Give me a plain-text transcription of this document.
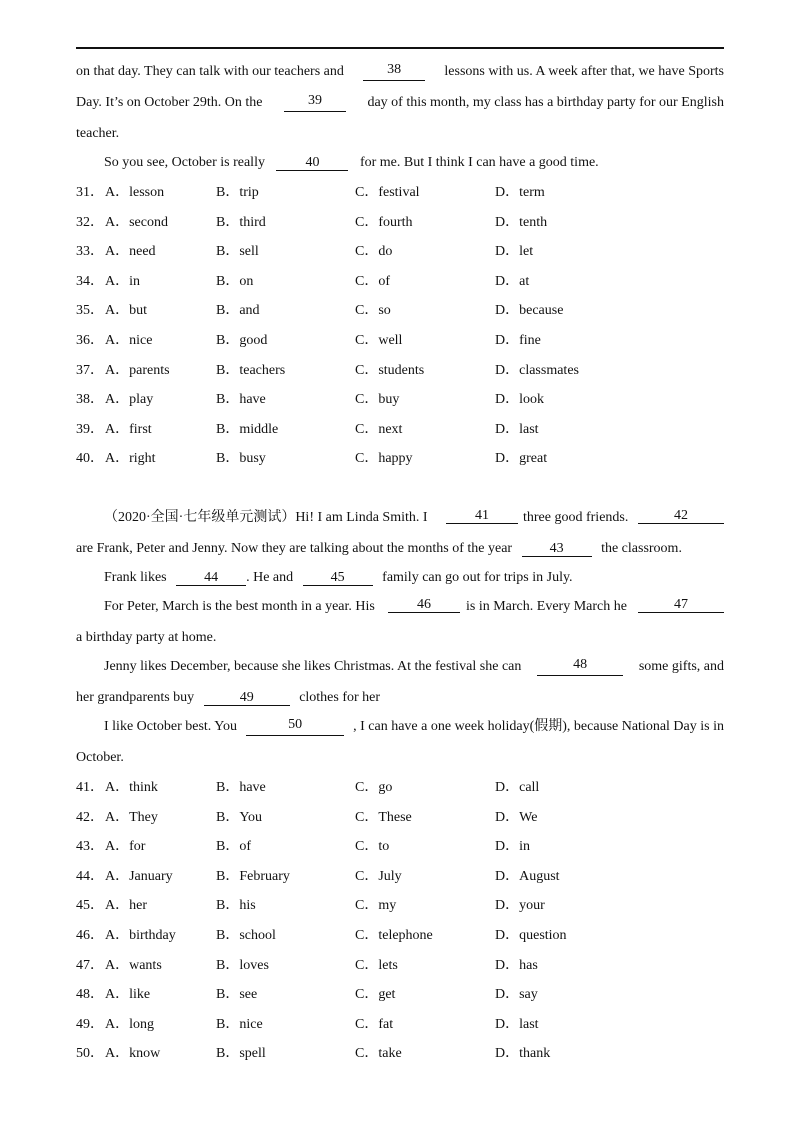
on that day. They can talk with our teachers and	38	lessons with us. A week after that, we have Sports
Day. It’s on October 29th. On the	39	day of this month, my class has a birthday party for our English
teacher.
So you see, October is really	40	for me. But I think I can have a good time.
31． A．lesson	B．trip	C．festival	D．term
32． A．second	B．third	C．fourth	D．tenth
33． A．need	B．sell	C．do	D．let
34． A．in	B．on	C．of	D．at
35． A．but	B．and	C．so	D．because
36． A．nice	B．good	C．well	D．fine
37． A．parents	B．teachers	C．students	D．classmates
38． A．play	B．have	C．buy	D．look
39． A．first	B．middle	C．next	D．last
40． A．right	B．busy	C．happy	D．great
（2020·全国·七年级单元测试）Hi! I am Linda Smith. I	41	three good friends.	42
are Frank, Peter and Jenny. Now they are talking about the months of the year	43	the classroom.
Frank likes	44 . He and	45	family can go out for trips in July.
For Peter, March is the best month in a year. His	46	is in March. Every March he	47
a birthday party at home.
Jenny likes December, because she likes Christmas. At the festival she can	48	some gifts, and
her grandparents buy	49	clothes for her
I like October best. You	50	, I can have a one week holiday(假期), because National Day is in
October.
41． A．think	B．have	C．go	D．call
42． A．They	B．You	C．These	D．We
43． A．for	B．of	C．to	D．in
44． A．January	B．February	C．July	D．August
45． A．her	B．his	C．my	D．your
46． A．birthday	B．school	C．telephone	D．question
47． A．wants	B．loves	C．lets	D．has
48． A．like	B．see	C．get	D．say
49． A．long	B．nice	C．fat	D．last
50． A．know	B．spell	C．take	D．thank
